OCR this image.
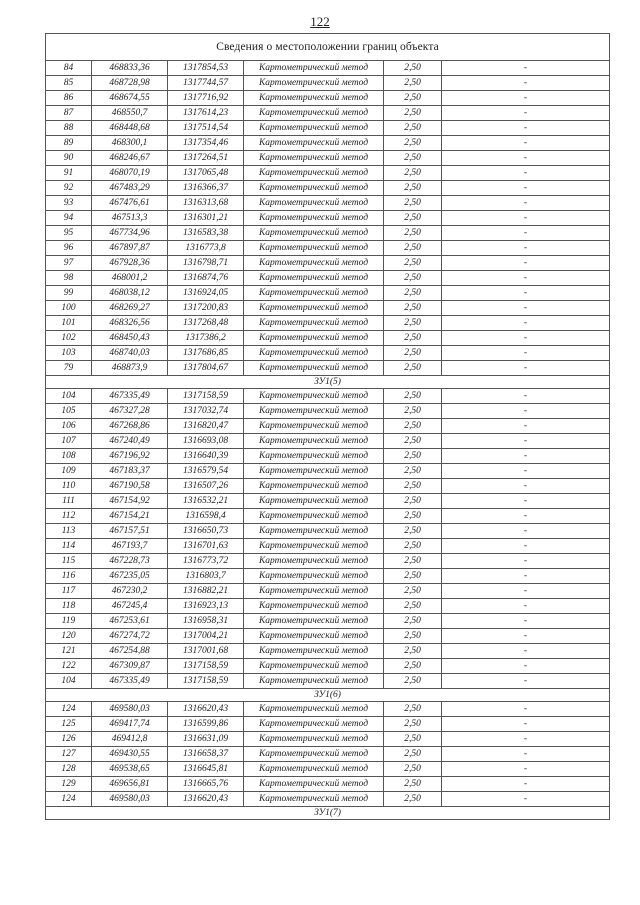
122
Сведения о местоположении границ объекта					
84	468833,36	1317854,53	Картометрический метод	2,50	-
85	468728,98	1317744,57	Картометрический метод	2,50	-
86	468674,55	1317716,92	Картометрический метод	2,50	-
87	468550,7	1317614,23	Картометрический метод	2,50	-
88	468448,68	1317514,54	Картометрический метод	2,50	-
89	468300,1	1317354,46	Картометрический метод	2,50	-
90	468246,67	1317264,51	Картометрический метод	2,50	-
91	468070,19	1317065,48	Картометрический метод	2,50	-
92	467483,29	1316366,37	Картометрический метод	2,50	-
93	467476,61	1316313,68	Картометрический метод	2,50	-
94	467513,3	1316301,21	Картометрический метод	2,50	-
95	467734,96	1316583,38	Картометрический метод	2,50	-
96	467897,87	1316773,8	Картометрический метод	2,50	-
97	467928,36	1316798,71	Картометрический метод	2,50	-
98	468001,2	1316874,76	Картометрический метод	2,50	-
99	468038,12	1316924,05	Картометрический метод	2,50	-
100	468269,27	1317200,83	Картометрический метод	2,50	-
101	468326,56	1317268,48	Картометрический метод	2,50	-
102	468450,43	1317386,2	Картометрический метод	2,50	-
103	468740,03	1317686,85	Картометрический метод	2,50	-
79	468873,9	1317804,67	Картометрический метод	2,50	-
ЗУ1(5)					
104	467335,49	1317158,59	Картометрический метод	2,50	-
105	467327,28	1317032,74	Картометрический метод	2,50	-
106	467268,86	1316820,47	Картометрический метод	2,50	-
107	467240,49	1316693,08	Картометрический метод	2,50	-
108	467196,92	1316640,39	Картометрический метод	2,50	-
109	467183,37	1316579,54	Картометрический метод	2,50	-
110	467190,58	1316507,26	Картометрический метод	2,50	-
111	467154,92	1316532,21	Картометрический метод	2,50	-
112	467154,21	1316598,4	Картометрический метод	2,50	-
113	467157,51	1316650,73	Картометрический метод	2,50	-
114	467193,7	1316701,63	Картометрический метод	2,50	-
115	467228,73	1316773,72	Картометрический метод	2,50	-
116	467235,05	1316803,7	Картометрический метод	2,50	-
117	467230,2	1316882,21	Картометрический метод	2,50	-
118	467245,4	1316923,13	Картометрический метод	2,50	-
119	467253,61	1316958,31	Картометрический метод	2,50	-
120	467274,72	1317004,21	Картометрический метод	2,50	-
121	467254,88	1317001,68	Картометрический метод	2,50	-
122	467309,87	1317158,59	Картометрический метод	2,50	-
104	467335,49	1317158,59	Картометрический метод	2,50	-
ЗУ1(6)					
124	469580,03	1316620,43	Картометрический метод	2,50	-
125	469417,74	1316599,86	Картометрический метод	2,50	-
126	469412,8	1316631,09	Картометрический метод	2,50	-
127	469430,55	1316658,37	Картометрический метод	2,50	-
128	469538,65	1316645,81	Картометрический метод	2,50	-
129	469656,81	1316665,76	Картометрический метод	2,50	-
124	469580,03	1316620,43	Картометрический метод	2,50	-
ЗУ1(7)					
